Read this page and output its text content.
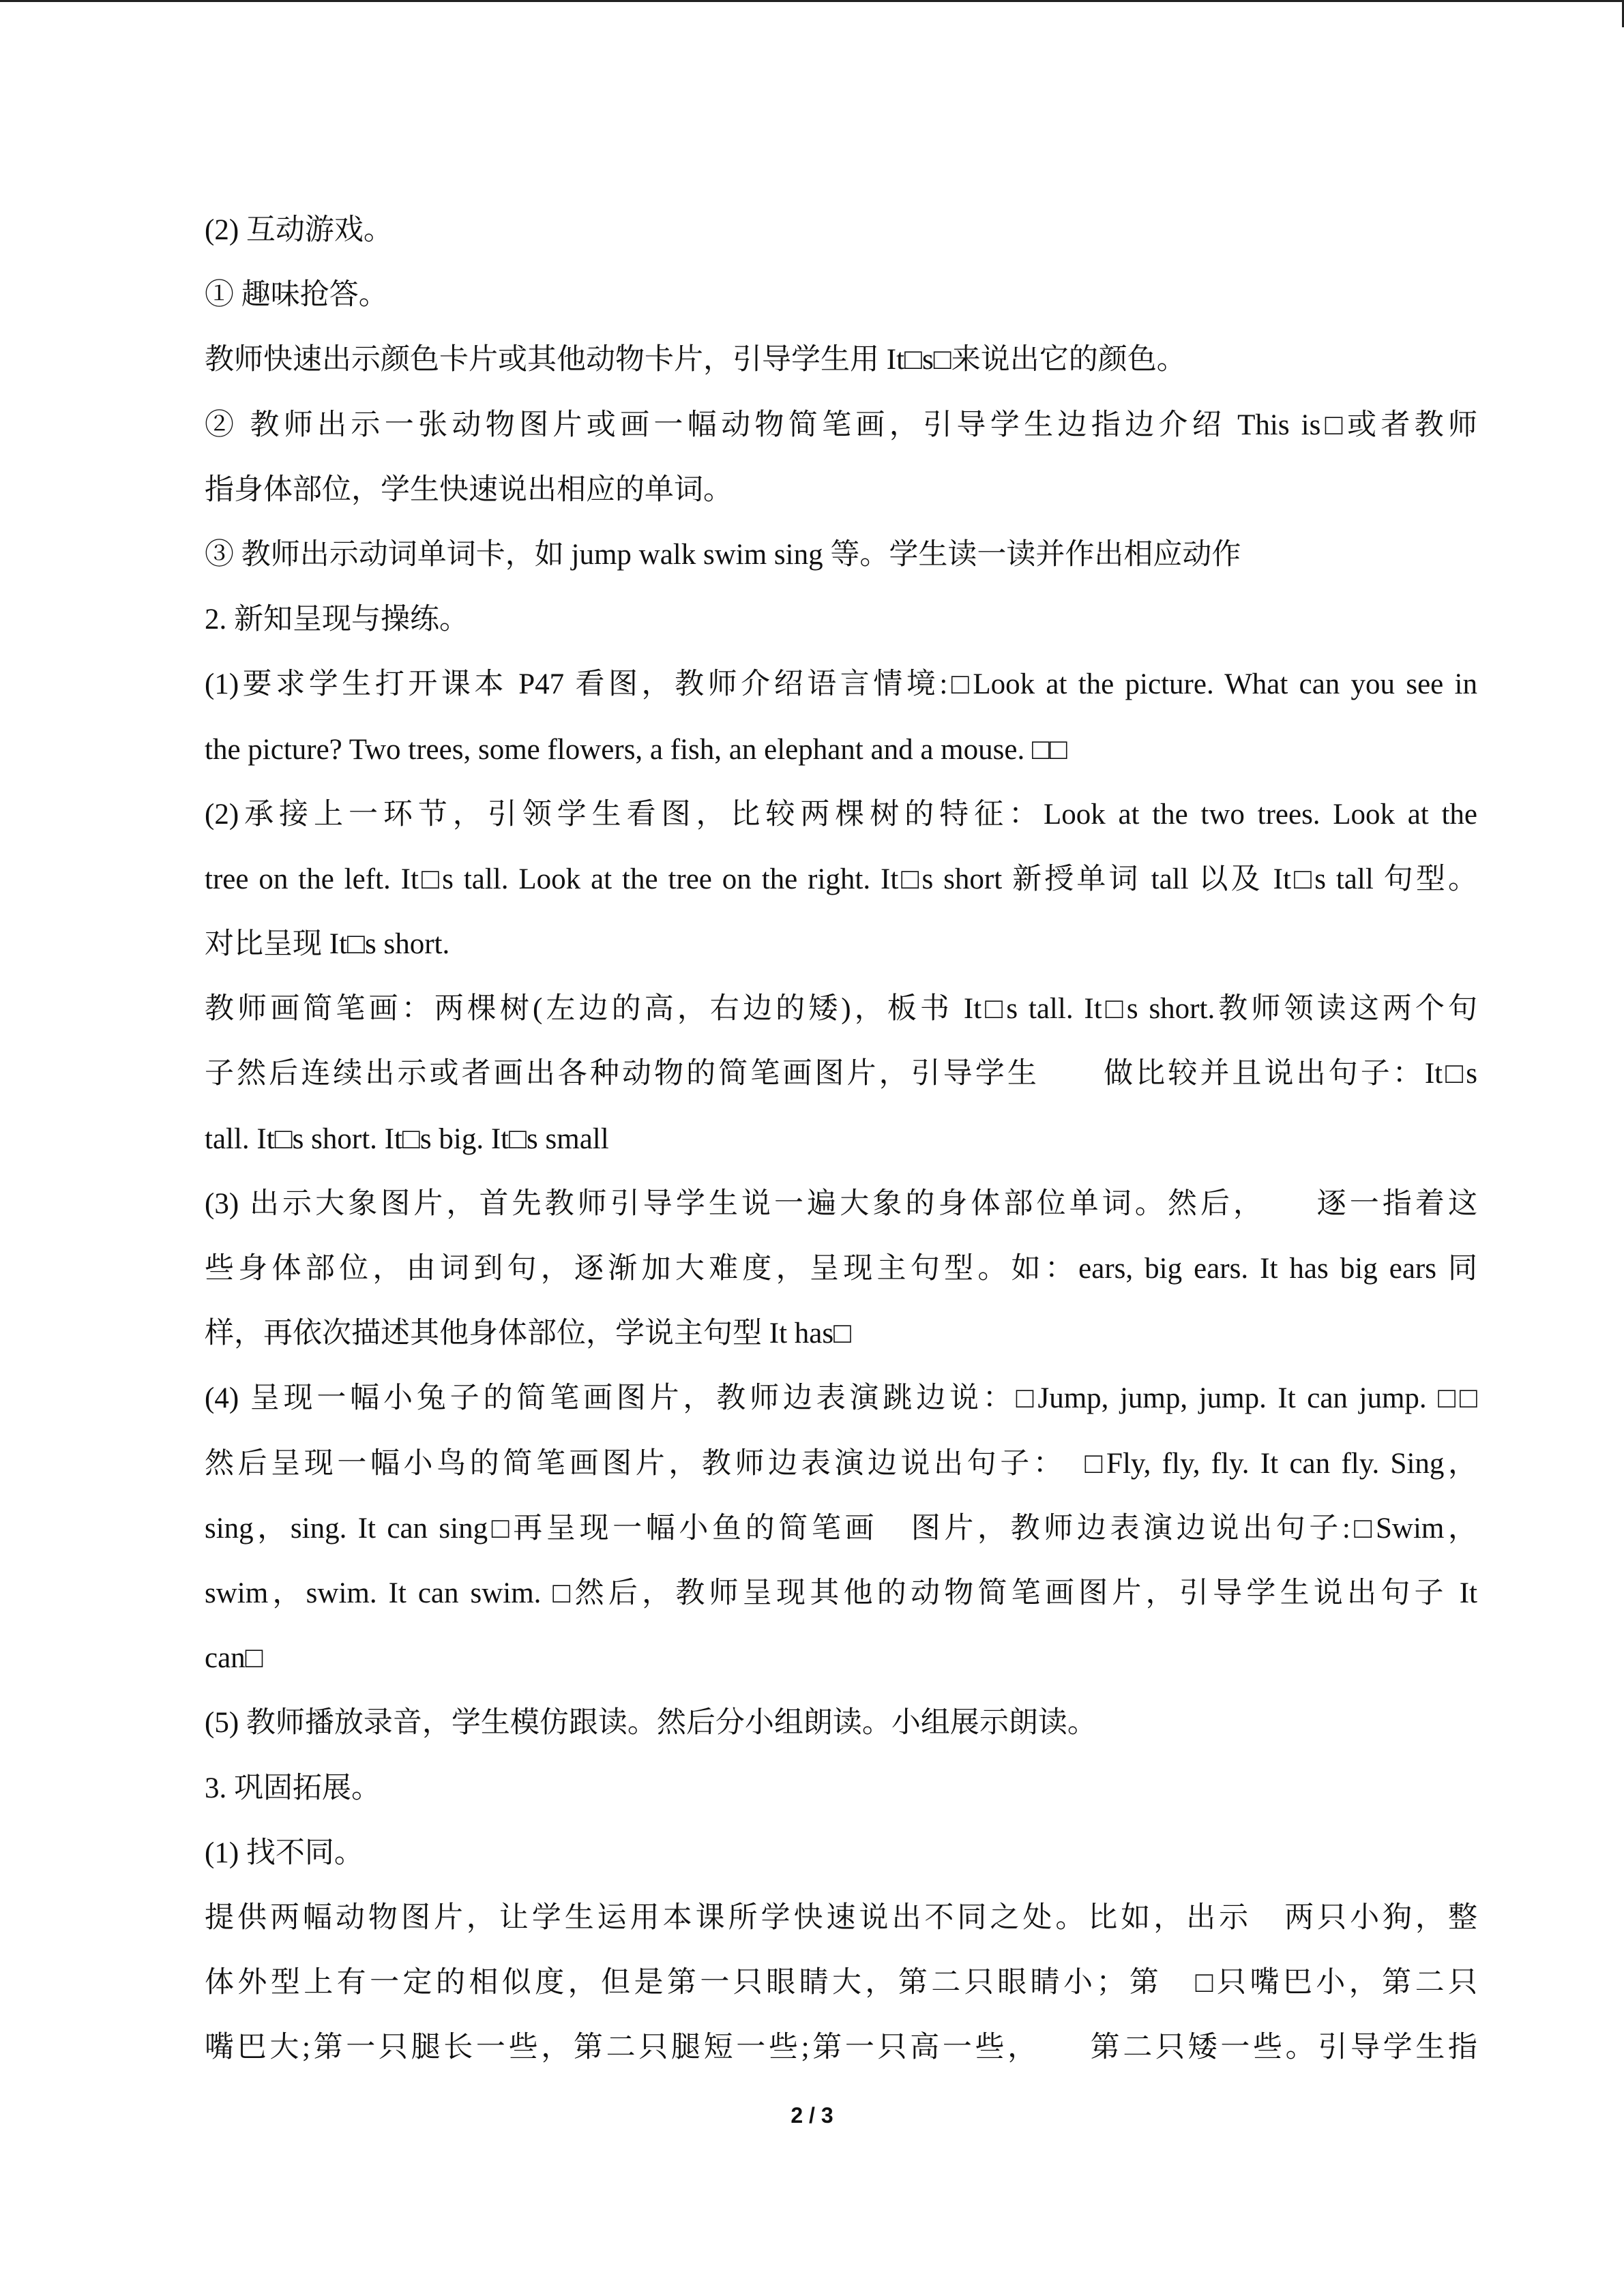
(2) 互动游戏。
① 趣味抢答。
教师快速出示颜色卡片或其他动物卡片，引导学生用 It□s□来说出它的颜色。
② 教师出示一张动物图片或画一幅动物简笔画，引导学生边指边介绍 This is□或者教师
指身体部位，学生快速说出相应的单词。
③ 教师出示动词单词卡，如 jump walk swim sing 等。学生读一读并作出相应动作
2. 新知呈现与操练。
(1)要求学生打开课本 P47 看图，教师介绍语言情境:□Look at the picture. What can you see in
the picture? Two trees, some flowers, a fish, an elephant and a mouse. □□
(2)承接上一环节，引领学生看图，比较两棵树的特征：Look at the two trees. Look at the
tree on the left. It□s tall. Look at the tree on the right. It□s short 新授单词 tall 以及 It□s tall 句型。
对比呈现 It□s short.
教师画简笔画：两棵树(左边的高，右边的矮)，板书 It□s tall. It□s short.教师领读这两个句
子然后连续出示或者画出各种动物的简笔画图片，引导学生　　做比较并且说出句子：It□s
tall. It□s short. It□s big. It□s small
(3) 出示大象图片，首先教师引导学生说一遍大象的身体部位单词。然后，　　逐一指着这
些身体部位，由词到句，逐渐加大难度，呈现主句型。如：ears, big ears. It has big ears 同
样，再依次描述其他身体部位，学说主句型 It has□
(4) 呈现一幅小兔子的简笔画图片，教师边表演跳边说：□Jump, jump, jump. It can jump. □□
然后呈现一幅小鸟的简笔画图片，教师边表演边说出句子：　□Fly, fly, fly. It can fly. Sing，
sing，sing. It can sing□再呈现一幅小鱼的简笔画　图片，教师边表演边说出句子:□Swim，
swim，swim. It can swim. □然后，教师呈现其他的动物简笔画图片，引导学生说出句子 It
can□
(5) 教师播放录音，学生模仿跟读。然后分小组朗读。小组展示朗读。
3. 巩固拓展。
(1) 找不同。
提供两幅动物图片，让学生运用本课所学快速说出不同之处。比如，出示　两只小狗，整
体外型上有一定的相似度，但是第一只眼睛大，第二只眼睛小；第　□只嘴巴小，第二只
嘴巴大;第一只腿长一些，第二只腿短一些;第一只高一些，　　第二只矮一些。引导学生指
2 / 3
